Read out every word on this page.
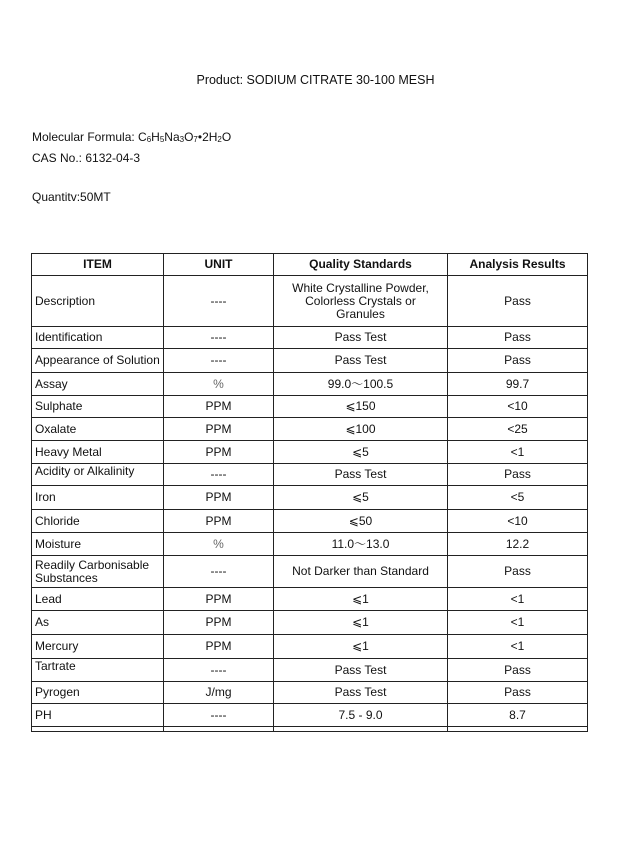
Product: SODIUM CITRATE 30-100 MESH
Molecular Formula: C6H5Na3O7•2H2O
CAS No.: 6132-04-3
Quantitv:50MT
ITEM	UNIT	Quality Standards	Analysis Results
Description	----	White Crystalline Powder, Colorless Crystals or Granules	Pass
Identification	----	Pass Test	Pass
Appearance of Solution	----	Pass Test	Pass
Assay	%	99.0～100.5	99.7
Sulphate	PPM	⩽150	<10
Oxalate	PPM	⩽100	<25
Heavy Metal	PPM	⩽5	<1
Acidity or Alkalinity	----	Pass Test	Pass
Iron	PPM	⩽5	<5
Chloride	PPM	⩽50	<10
Moisture	%	11.0～13.0	12.2
Readily Carbonisable Substances	----	Not Darker than Standard	Pass
Lead	PPM	⩽1	<1
As	PPM	⩽1	<1
Mercury	PPM	⩽1	<1
Tartrate	----	Pass Test	Pass
Pyrogen	J/mg	Pass Test	Pass
PH	----	7.5 - 9.0	8.7
